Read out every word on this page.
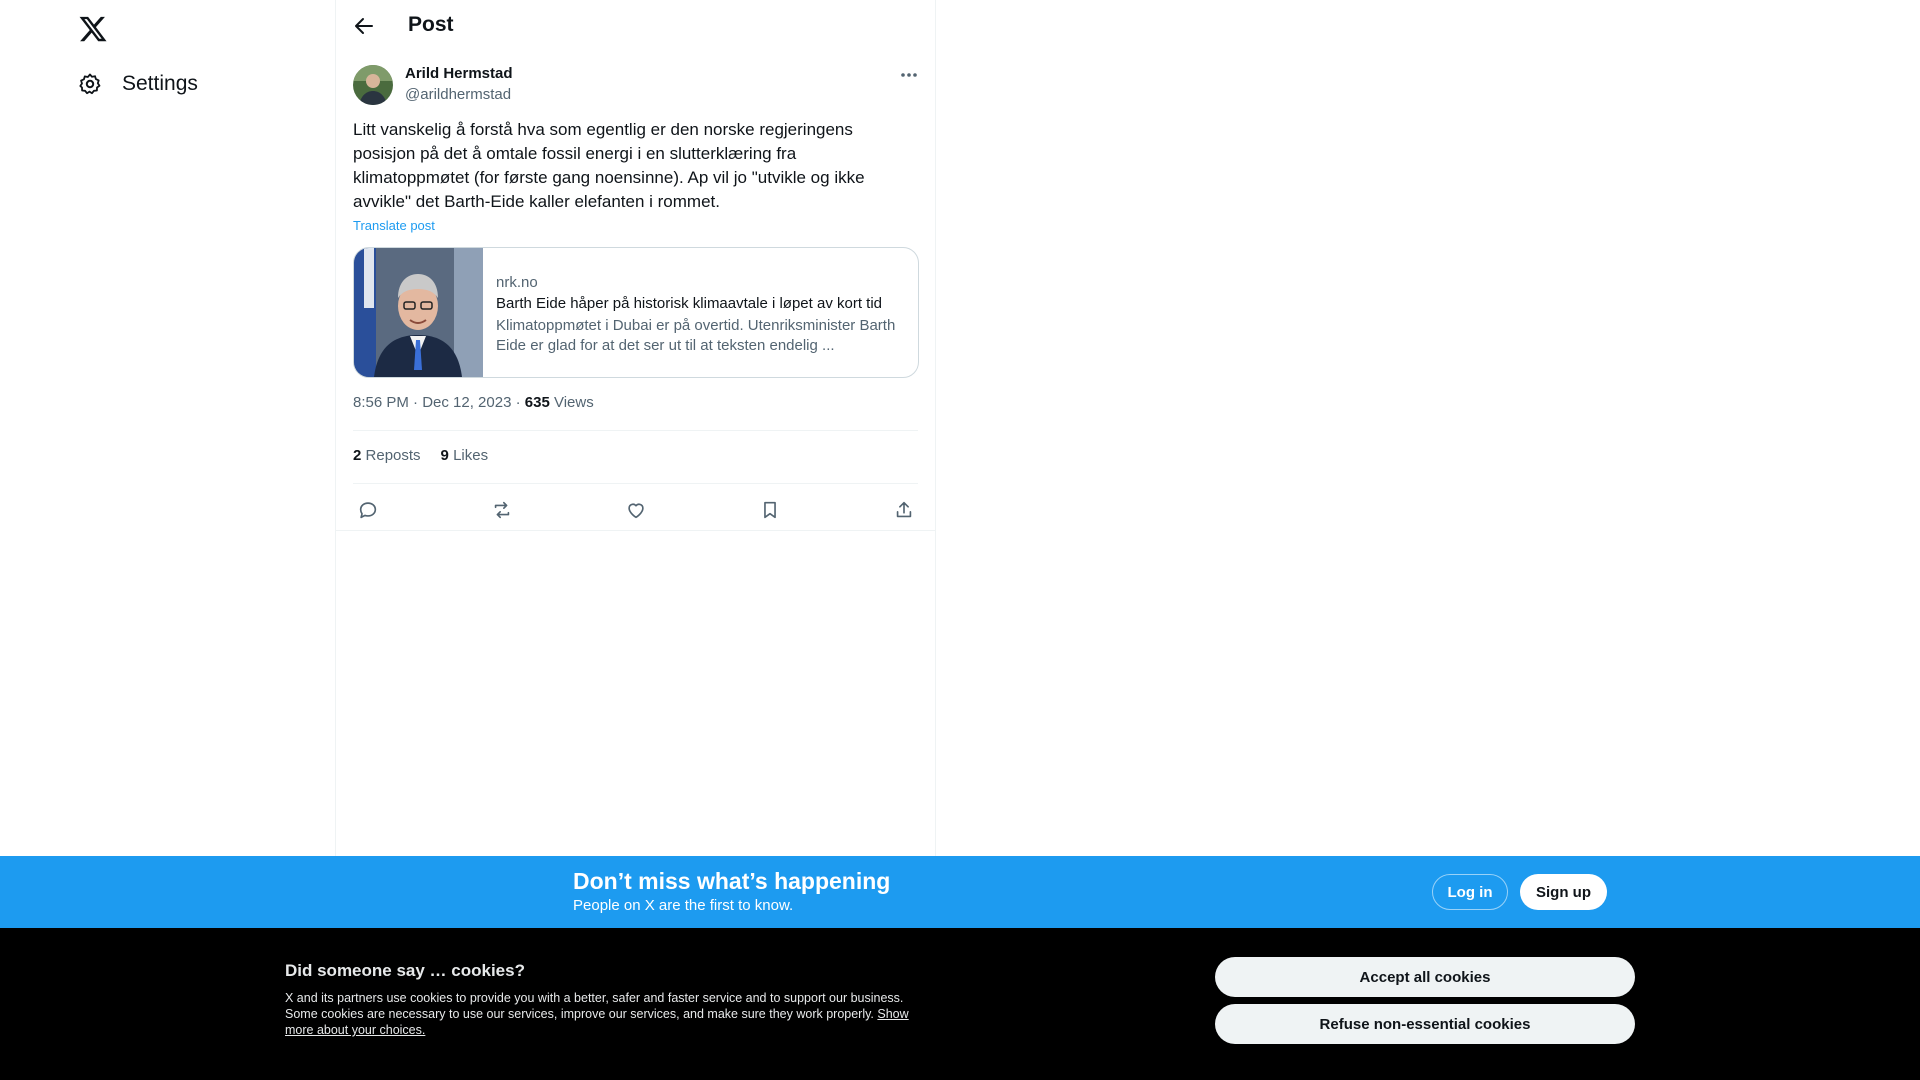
Settings
Post
Arild Hermstad
@arildhermstad
Litt vanskelig å forstå hva som egentlig er den norske regjeringens posisjon på det å omtale fossil energi i en slutterklæring fra klimatoppmøtet (for første gang noensinne). Ap vil jo "utvikle og ikke avvikle" det Barth-Eide kaller elefanten i rommet.
Translate post
nrk.no
Barth Eide håper på historisk klimaavtale i løpet av kort tid
Klimatoppmøtet i Dubai er på overtid. Utenriksminister Barth Eide er glad for at det ser ut til at teksten endelig ...
8:56 PM · Dec 12, 2023 · 635 Views
2 Reposts 9 Likes
Don’t miss what’s happening
People on X are the first to know.
Log in	Sign up
Did someone say … cookies?
X and its partners use cookies to provide you with a better, safer and faster service and to support our business. Some cookies are necessary to use our services, improve our services, and make sure they work properly. Show more about your choices.
Accept all cookies
Refuse non-essential cookies
